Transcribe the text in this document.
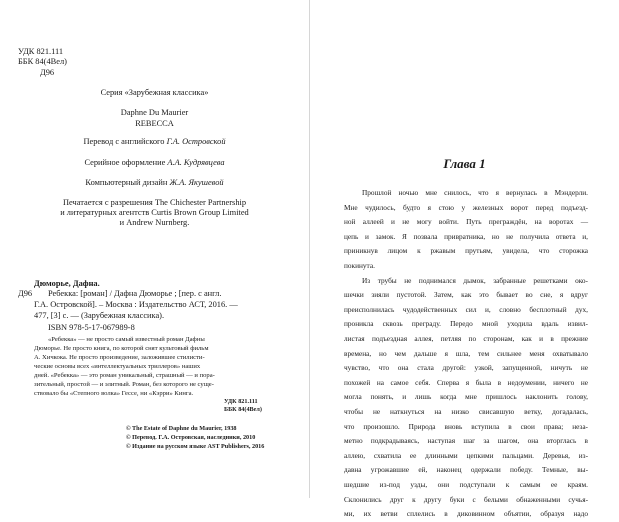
УДК 821.111
ББК 84(4Вел)
Д96
Серия «Зарубежная классика»
Daphne Du Maurier
REBECCA
Перевод с английского Г.А. Островской
Серийное оформление А.А. Кудрявцева
Компьютерный дизайн Ж.А. Якушевой
Печатается с разрешения The Chichester Partnership
и литературных агентств Curtis Brown Group Limited
и Andrew Nurnberg.
Дюморье, Дафна.
Д96 Ребекка: [роман] / Дафна Дюморье ; [пер. с англ.
Г.А. Островской]. – Москва : Издательство АСТ, 2016. —
477, [3] с. — (Зарубежная классика).
ISBN 978-5-17-067989-8
«Ребекка» — не просто самый известный роман Дафны
Дюморье. Не просто книга, по которой снят культовый фильм
А. Хичкока. Не просто произведение, заложившее стилисти-
ческие основы всех «интеллектуальных триллеров» наших
дней. «Ребекка» — это роман уникальный, страшный — и пора-
зительный, простой — и элитный. Роман, без которого не суще-
ствовало бы «Степного волка» Гессе, ни «Кэрри» Кинга.
УДК 821.111
ББК 84(4Вел)
© The Estate of Daphne du Maurier, 1938
© Перевод. Г.А. Островская, наследники, 2010
© Издание на русском языке AST Publishers, 2016
Глава 1
Прошлой ночью мне снилось, что я вернулась в Мэндерли.
Мне чудилось, будто я стою у железных ворот перед подъезд-
ной аллеей и не могу войти. Путь преграждён, на воротах —
цепь и замок. Я позвала привратника, но не получила ответа и,
приникнув лицом к ржавым прутьям, увидела, что сторожка
покинута.
Из трубы не поднимался дымок, забранные решетками око-
шечки зияли пустотой. Затем, как это бывает во сне, я вдруг
преисполнилась чудодейственных сил и, словно бесплотный дух,
проникла сквозь преграду. Передо мной уходила вдаль извил-
листая подъездная аллея, петляя по сторонам, как и в прежние
времена, но чем дальше я шла, тем сильнее меня охватывало
чувство, что она стала другой: узкой, запущенной, ничуть не
похожей на самое себя. Сперва я была в недоумении, ничего не
могла понять, и лишь когда мне пришлось наклонить голову,
чтобы не наткнуться на низко свисавшую ветку, догадалась,
что произошло. Природа вновь вступила в свои права; неза-
метно подкрадываясь, наступая шаг за шагом, она вторглась в
аллею, схватила ее длинными цепкими пальцами. Деревья, из-
давна угрожавшие ей, наконец одержали победу. Темные, вы-
шедшие из-под узды, они подступали к самым ее краям.
Склонились друг к другу буки с белыми обнаженными сучья-
ми, их ветви сплелись в диковинном объятии, образуя надо
